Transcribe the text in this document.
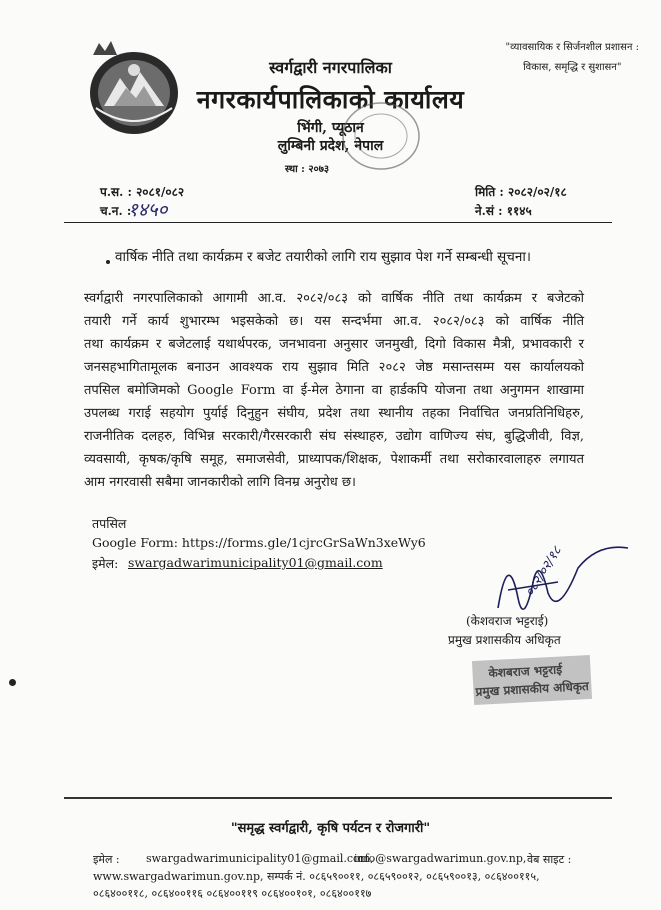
स्वर्गद्वारी नगरपालिका
नगरकार्यपालिकाको कार्यालय
भिंगी, प्यूठान
लुम्बिनी प्रदेश, नेपाल
स्था : २०७३
"व्यावसायिक र सिर्जनशील प्रशासन :
विकास, समृद्धि र सुशासन"
प.स. : २०८१/०८२
च.न. :
१४५०
मिति : २०८२/०२/१८
ने.सं : ११४५
वार्षिक नीति तथा कार्यक्रम र बजेट तयारीको लागि राय सुझाव पेश गर्ने सम्बन्धी सूचना।
स्वर्गद्वारी नगरपालिकाको आगामी आ.व. २०८२/०८३ को वार्षिक नीति तथा कार्यक्रम र बजेटको
तयारी गर्ने कार्य शुभारम्भ भइसकेको छ। यस सन्दर्भमा आ.व. २०८२/०८३ को वार्षिक नीति
तथा कार्यक्रम र बजेटलाई यथार्थपरक, जनभावना अनुसार जनमुखी, दिगो विकास मैत्री, प्रभावकारी र
जनसहभागितामूलक बनाउन आवश्यक राय सुझाव मिति २०८२ जेष्ठ मसान्तसम्म यस कार्यालयको
तपसिल बमोजिमको Google Form वा ई-मेल ठेगाना वा हार्डकपि योजना तथा अनुगमन शाखामा
उपलब्ध गराई सहयोग पुर्याई दिनुहुन संघीय, प्रदेश तथा स्थानीय तहका निर्वाचित जनप्रतिनिधिहरु,
राजनीतिक दलहरु, विभिन्न सरकारी/गैरसरकारी संघ संस्थाहरु, उद्योग वाणिज्य संघ, बुद्धिजीवी, विज्ञ,
व्यवसायी, कृषक/कृषि समूह, समाजसेवी, प्राध्यापक/शिक्षक, पेशाकर्मी तथा सरोकारवालाहरु लगायत
आम नगरवासी सबैमा जानकारीको लागि विनम्र अनुरोध छ।
तपसिल
Google Form: https://forms.gle/1cjrcGrSaWn3xeWy6
इमेल: swargadwarimunicipality01@gmail.com	०८२/०२/१८
(केशवराज भट्टराई)
प्रमुख प्रशासकीय अधिकृत
केशबराज भट्टराई
प्रमुख प्रशासकीय अधिकृत
"समृद्ध स्वर्गद्वारी, कृषि पर्यटन र रोजगारी"
इमेल : swargadwarimunicipality01@gmail.com,
info@swargadwarimun.gov.np, वेब साइट :
www.swargadwarimun.gov.np, सम्पर्क नं. ०८६५९००११, ०८६५९००१२, ०८६५९००१३, ०८६४००११५,
०८६४००११८, ०८६४००११६ ०८६४००११९ ०८६४००१०१, ०८६४००११७
